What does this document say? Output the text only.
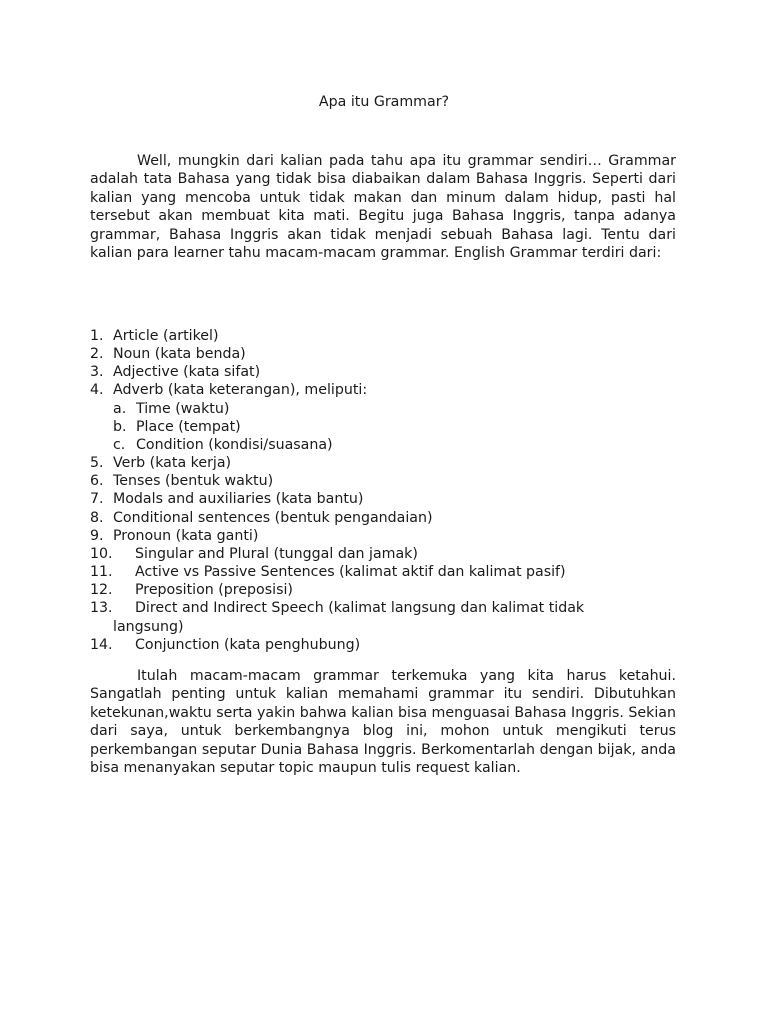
Apa itu Grammar?

Well, mungkin dari kalian pada tahu apa itu grammar sendiri… Grammar adalah tata Bahasa yang tidak bisa diabaikan dalam Bahasa Inggris. Seperti dari kalian yang mencoba untuk tidak makan dan minum dalam hidup, pasti hal tersebut akan membuat kita mati. Begitu juga Bahasa Inggris, tanpa adanya grammar, Bahasa Inggris akan tidak menjadi sebuah Bahasa lagi. Tentu dari kalian para learner tahu macam-macam grammar. English Grammar terdiri dari:

1. Article (artikel)
2. Noun (kata benda)
3. Adjective (kata sifat)
4. Adverb (kata keterangan), meliputi:
a. Time (waktu)
b. Place (tempat)
c. Condition (kondisi/suasana)
5. Verb (kata kerja)
6. Tenses (bentuk waktu)
7. Modals and auxiliaries (kata bantu)
8. Conditional sentences (bentuk pengandaian)
9. Pronoun (kata ganti)
10.	Singular and Plural (tunggal dan jamak)
11.	Active vs Passive Sentences (kalimat aktif dan kalimat pasif)
12.	Preposition (preposisi)
13.	Direct and Indirect Speech (kalimat langsung dan kalimat tidak
langsung)
14.	Conjunction (kata penghubung)

Itulah macam-macam grammar terkemuka yang kita harus ketahui. Sangatlah penting untuk kalian memahami grammar itu sendiri. Dibutuhkan ketekunan,waktu serta yakin bahwa kalian bisa menguasai Bahasa Inggris. Sekian dari saya, untuk berkembangnya blog ini, mohon untuk mengikuti terus perkembangan seputar Dunia Bahasa Inggris. Berkomentarlah dengan bijak, anda bisa menanyakan seputar topic maupun tulis request kalian.
